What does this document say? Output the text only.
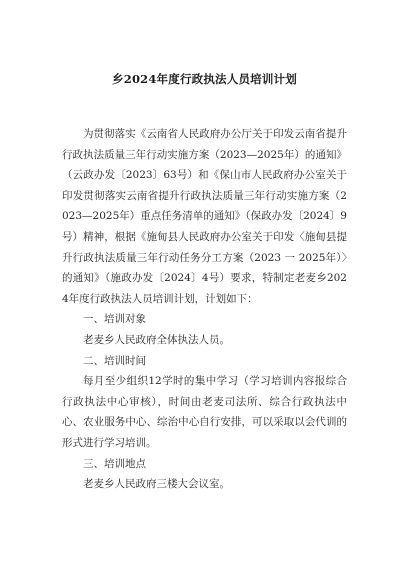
乡2024年度行政执法人员培训计划

为贯彻落实《云南省人民政府办公厅关于印发云南省提升行政执法质量三年行动实施方案（2023—2025年）的通知》（云政办发〔2023〕63号）和《保山市人民政府办公室关于印发贯彻落实云南省提升行政执法质量三年行动实施方案（2023—2025年）重点任务清单的通知》（保政办发〔2024〕9号）精神，根据《施甸县人民政府办公室关于印发〈施甸县提升行政执法质量三年行动任务分工方案（2023 一 2025年）〉的通知》（施政办发〔2024〕4号）要求，特制定老麦乡2024年度行政执法人员培训计划，计划如下：

一、培训对象

老麦乡人民政府全体执法人员。

二、培训时间

每月至少组织12学时的集中学习（学习培训内容报综合行政执法中心审核），时间由老麦司法所、综合行政执法中心、农业服务中心、综治中心自行安排，可以采取以会代训的形式进行学习培训。

三、培训地点

老麦乡人民政府三楼大会议室。
